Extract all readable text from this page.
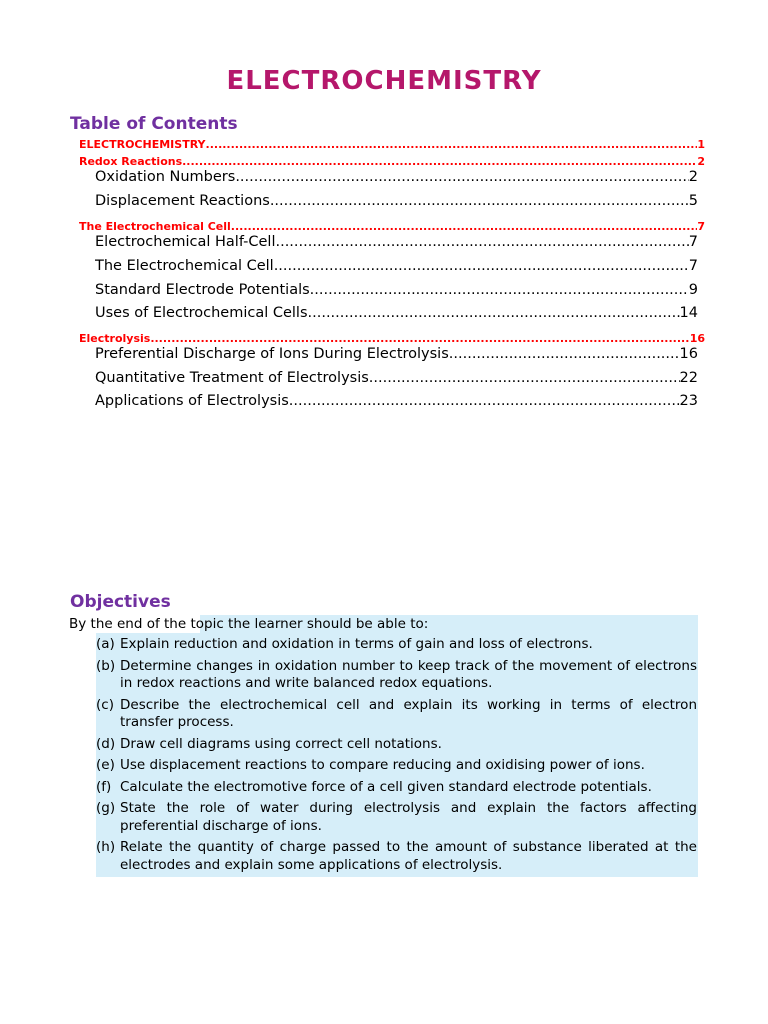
ELECTROCHEMISTRY
Table of Contents
ELECTROCHEMISTRY .....	1
Redox Reactions .....	2
Oxidation Numbers .....	2
Displacement Reactions .....	5
The Electrochemical Cell .....	7
Electrochemical Half-Cell .....	7
The Electrochemical Cell .....	7
Standard Electrode Potentials .....	9
Uses of Electrochemical Cells .....	14
Electrolysis .....	16
Preferential Discharge of Ions During Electrolysis .....	16
Quantitative Treatment of Electrolysis .....	22
Applications of Electrolysis .....	23
Objectives
By the end of the topic the learner should be able to:
(a) Explain reduction and oxidation in terms of gain and loss of electrons.
(b) Determine changes in oxidation number to keep track of the movement of electrons in redox reactions and write balanced redox equations.
(c) Describe the electrochemical cell and explain its working in terms of electron transfer process.
(d) Draw cell diagrams using correct cell notations.
(e) Use displacement reactions to compare reducing and oxidising power of ions.
(f) Calculate the electromotive force of a cell given standard electrode potentials.
(g) State the role of water during electrolysis and explain the factors affecting preferential discharge of ions.
(h) Relate the quantity of charge passed to the amount of substance liberated at the electrodes and explain some applications of electrolysis.
